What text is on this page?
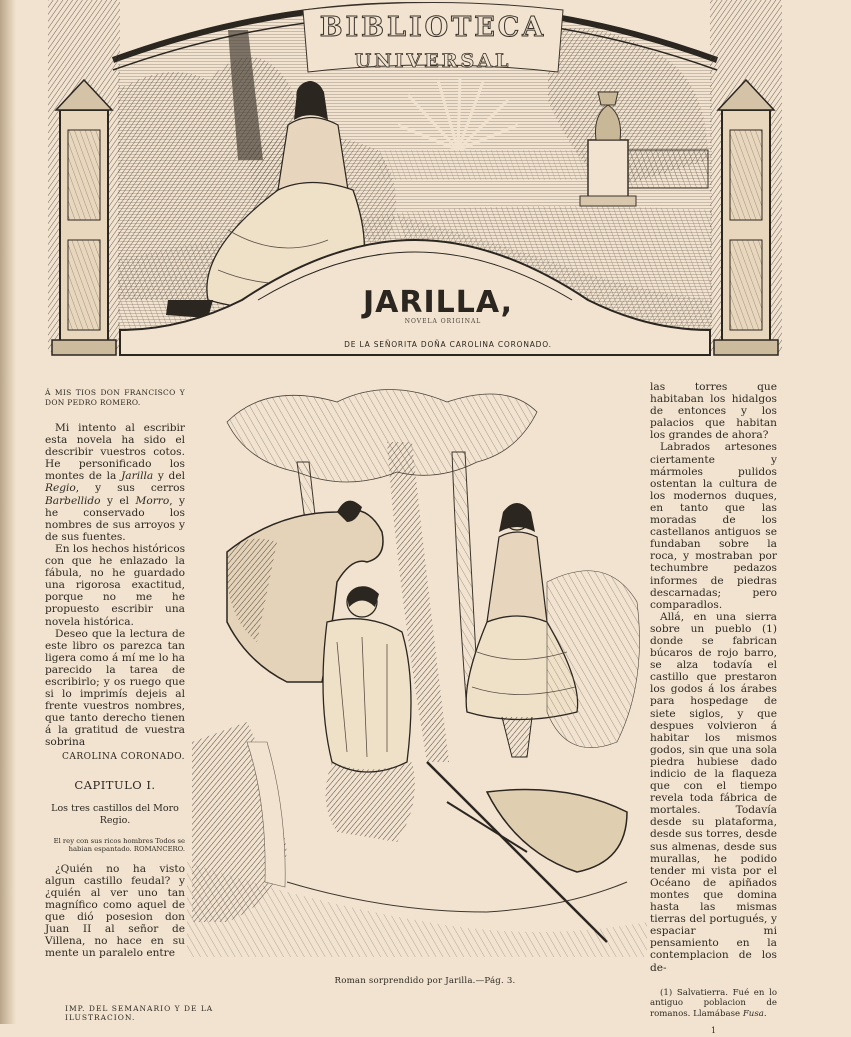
BIBLIOTECA
UNIVERSAL
JARILLA,
NOVELA ORIGINAL
DE LA SEÑORITA DOÑA CAROLINA CORONADO.

Á MIS TIOS DON FRANCISCO Y DON PEDRO ROMERO.

Mi intento al escribir esta novela ha sido el describir vuestros cotos. He personificado los montes de la Jarilla y del Regio, y sus cerros Barbellido y el Morro, y he conservado los nombres de sus arroyos y de sus fuentes.

En los hechos históricos con que he enlazado la fábula, no he guardado una rigorosa exactitud, porque no me he propuesto escribir una novela histórica.

Deseo que la lectura de este libro os parezca tan ligera como á mí me lo ha parecido la tarea de escribirlo; y os ruego que si lo imprimís dejeis al frente vuestros nombres, que tanto derecho tienen á la gratitud de vuestra sobrina

CAROLINA CORONADO.

CAPITULO I.

Los tres castillos del Moro Regio.

El rey con sus ricos hombres Todos se habian espantado. ROMANCERO.

¿Quién no ha visto algun castillo feudal? y ¿quién al ver uno tan magnífico como aquel de que dió posesion don Juan II al señor de Villena, no hace en su mente un paralelo entre

Roman sorprendido por Jarilla.—Pág. 3.

las torres que habitaban los hidalgos de entonces y los palacios que habitan los grandes de ahora?

Labrados artesones ciertamente y mármoles pulidos ostentan la cultura de los modernos duques, en tanto que las moradas de los castellanos antiguos se fundaban sobre la roca, y mostraban por techumbre pedazos informes de piedras descarnadas; pero comparadlos.

Allá, en una sierra sobre un pueblo (1) donde se fabrican búcaros de rojo barro, se alza todavía el castillo que prestaron los godos á los árabes para hospedage de siete siglos, y que despues volvieron á habitar los mismos godos, sin que una sola piedra hubiese dado indicio de la flaqueza que con el tiempo revela toda fábrica de mortales. Todavía desde su plataforma, desde sus torres, desde sus almenas, desde sus murallas, he podido tender mi vista por el Océano de apiñados montes que domina hasta las mismas tierras del portugués, y espaciar mi pensamiento en la contemplacion de los de-

(1) Salvatierra. Fué en lo antiguo poblacion de romanos. Llamábase Fusa.

1

IMP. DEL SEMANARIO Y DE LA ILUSTRACION.
